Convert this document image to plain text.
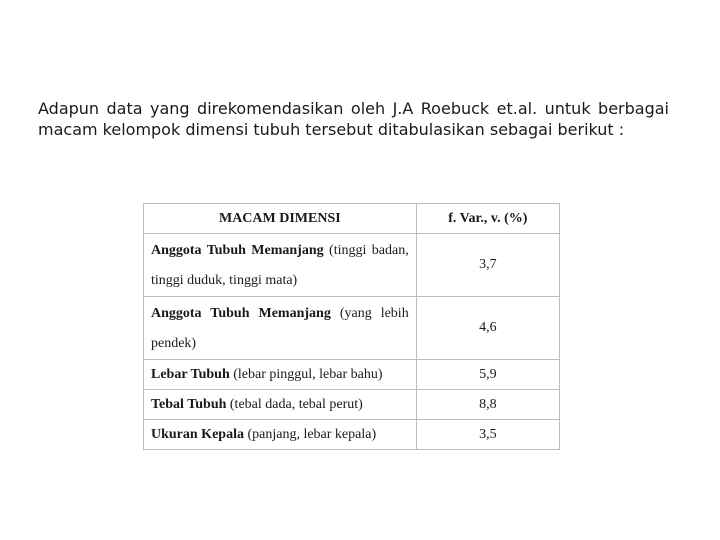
Adapun data yang direkomendasikan oleh J.A Roebuck et.al. untuk berbagai macam kelompok dimensi tubuh tersebut ditabulasikan sebagai berikut :

MACAM DIMENSI	f. Var., v. (%)
Anggota Tubuh Memanjang (tinggi badan, tinggi duduk, tinggi mata)	3,7
Anggota Tubuh Memanjang (yang lebih pendek)	4,6
Lebar Tubuh (lebar pinggul, lebar bahu)	5,9
Tebal Tubuh (tebal dada, tebal perut)	8,8
Ukuran Kepala (panjang, lebar kepala)	3,5
